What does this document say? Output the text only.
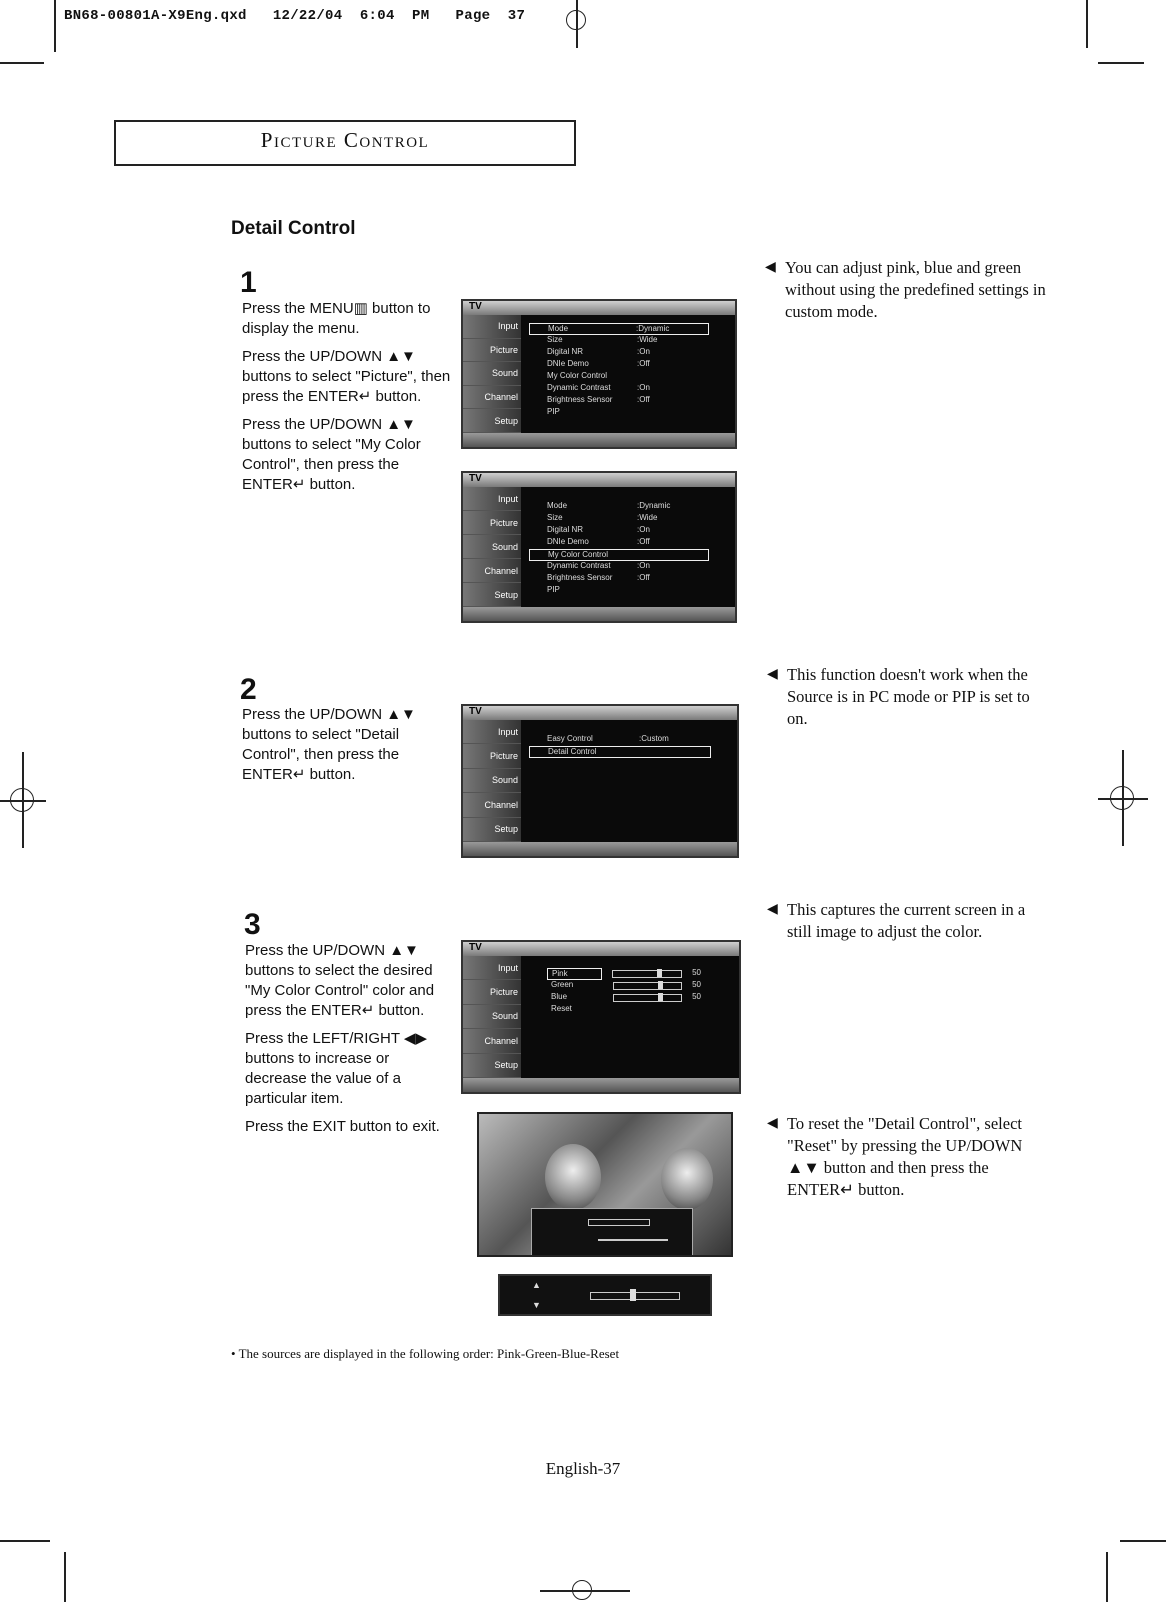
BN68-00801A-X9Eng.qxd   12/22/04  6:04  PM   Page  37
Picture Control
Detail Control
1

Press the MENU▥ button to display the menu.

Press the UP/DOWN ▲▼ buttons to select "Picture", then press the ENTER↵ button.

Press the UP/DOWN ▲▼ buttons to select "My Color Control", then press the ENTER↵ button.

TV
Input
Picture
Sound
Channel
Setup
Mode	:Dynamic
Size	:Wide
Digital NR	:On
DNIe Demo	:Off
My Color Control
Dynamic Contrast	:On
Brightness Sensor	:Off
PIP
TV
Input
Picture
Sound
Channel
Setup
Mode	:Dynamic
Size	:Wide
Digital NR	:On
DNIe Demo	:Off
My Color Control
Dynamic Contrast	:On
Brightness Sensor	:Off
PIP
◀ You can adjust pink, blue and green without using the predefined settings in custom mode.
2

Press the UP/DOWN ▲▼ buttons to select "Detail Control", then press the ENTER↵ button.

TV
Input
Picture
Sound
Channel
Setup
Easy Control	:Custom
Detail Control
◀ This function doesn't work when the Source is in PC mode or PIP is set to on.
3

Press the UP/DOWN ▲▼ buttons to select the desired "My Color Control" color and press the ENTER↵ button.

Press the LEFT/RIGHT ◀▶ buttons to increase or decrease the value of a particular item.

Press the EXIT button to exit.

TV
Input
Picture
Sound
Channel
Setup
Pink	50
Green	50
Blue	50
Reset
▲
▼
◀ This captures the current screen in a still image to adjust the color.
◀ To reset the "Detail Control", select "Reset" by pressing the UP/DOWN ▲▼ button and then press the ENTER↵ button.
• The sources are displayed in the following order: Pink-Green-Blue-Reset
English-37
